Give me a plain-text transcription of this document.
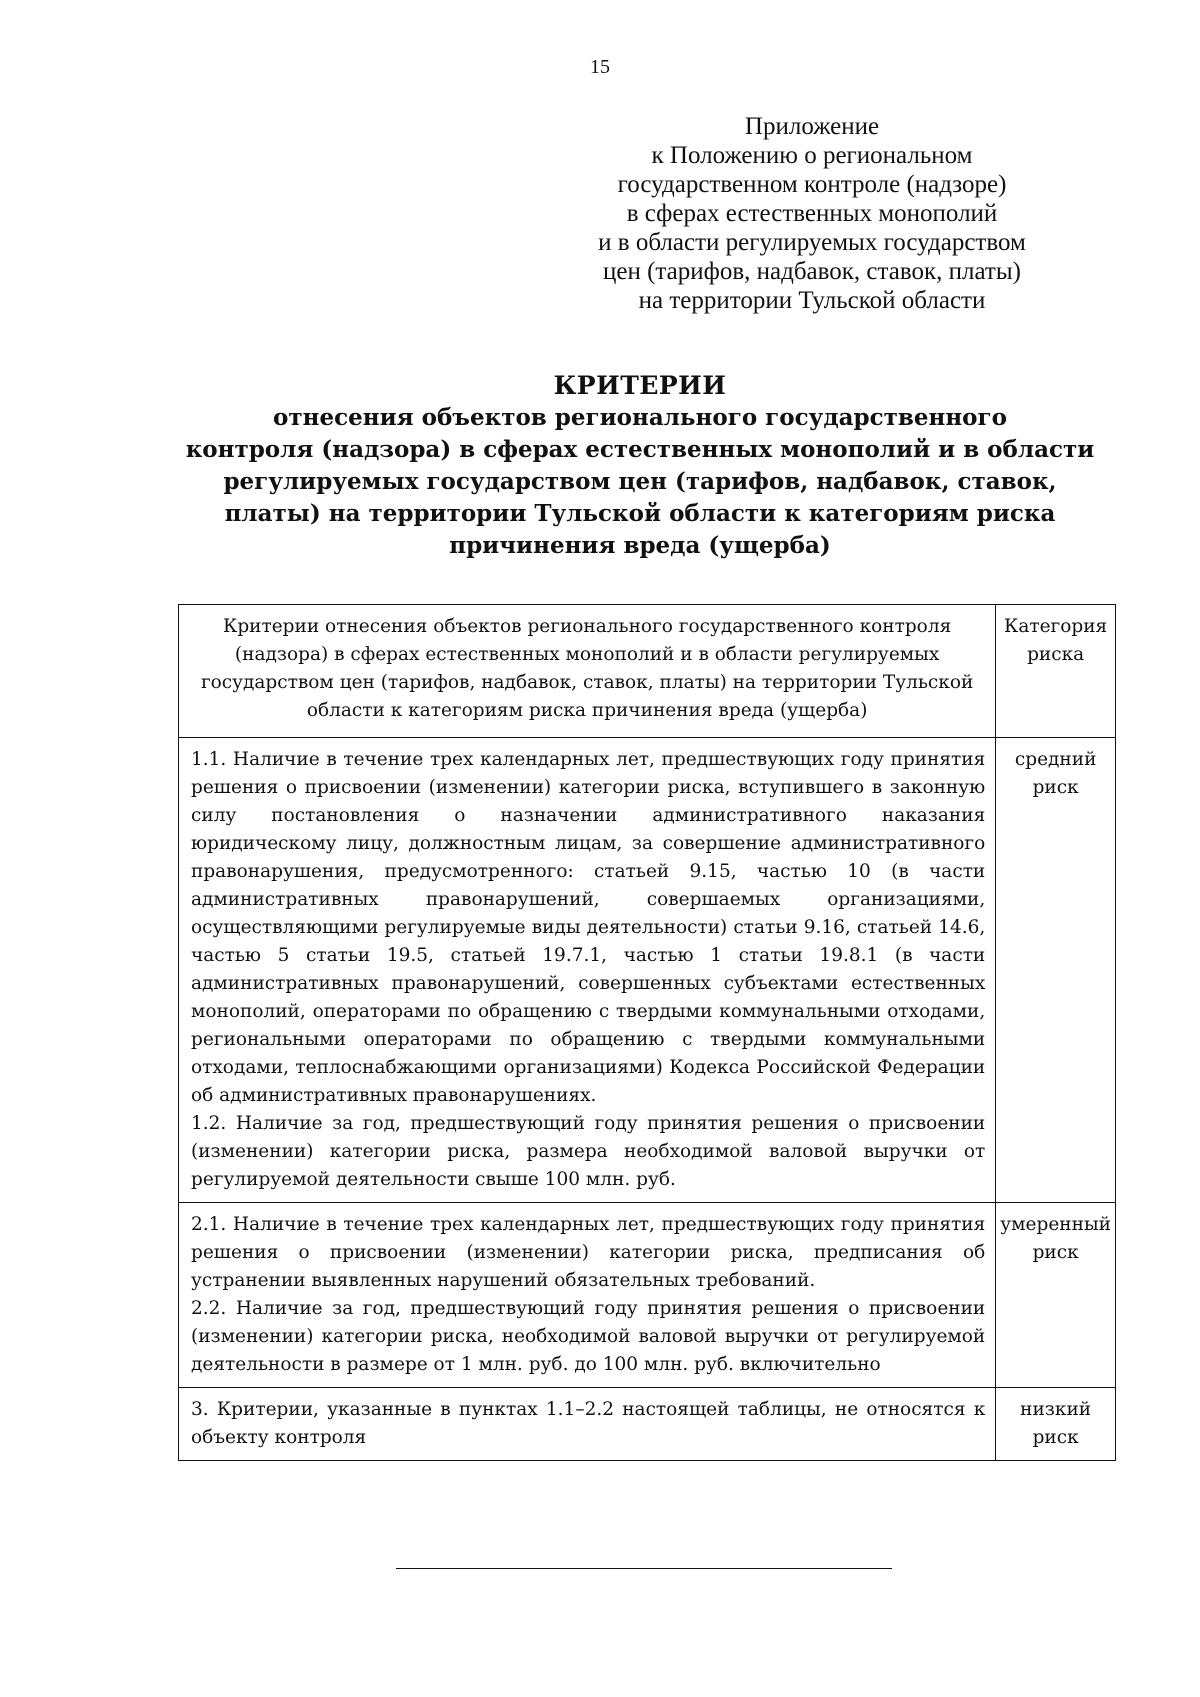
15
Приложение
к Положению о региональном
государственном контроле (надзоре)
в сферах естественных монополий
и в области регулируемых государством
цен (тарифов, надбавок, ставок, платы)
на территории Тульской области
КРИТЕРИИ
отнесения объектов регионального государственного
контроля (надзора) в сферах естественных монополий и в области
регулируемых государством цен (тарифов, надбавок, ставок,
платы) на территории Тульской области к категориям риска
причинения вреда (ущерба)
Критерии отнесения объектов регионального государственного контроля (надзора) в сферах естественных монополий и в области регулируемых государством цен (тарифов, надбавок, ставок, платы) на территории Тульской области к категориям риска причинения вреда (ущерба)	Категория риска

1.1. Наличие в течение трех календарных лет, предшествующих году принятия решения о присвоении (изменении) категории риска, вступившего в законную силу постановления о назначении административного наказания юридическому лицу, должностным лицам, за совершение административного правонарушения, предусмотренного: статьей 9.15, частью 10 (в части административных правонарушений, совершаемых организациями, осуществляющими регулируемые виды деятельности) статьи 9.16, статьей 14.6, частью 5 статьи 19.5, статьей 19.7.1, частью 1 статьи 19.8.1 (в части административных правонарушений, совершенных субъектами естественных монополий, операторами по обращению с твердыми коммунальными отходами, региональными операторами по обращению с твердыми коммунальными отходами, теплоснабжающими организациями) Кодекса Российской Федерации об административных правонарушениях.

1.2. Наличие за год, предшествующий году принятия решения о присвоении (изменении) категории риска, размера необходимой валовой выручки от регулируемой деятельности свыше 100 млн. руб.	средний риск

2.1. Наличие в течение трех календарных лет, предшествующих году принятия решения о присвоении (изменении) категории риска, предписания об устранении выявленных нарушений обязательных требований.

2.2. Наличие за год, предшествующий году принятия решения о присвоении (изменении) категории риска, необходимой валовой выручки от регулируемой деятельности в размере от 1 млн. руб. до 100 млн. руб. включительно	умеренный риск

3. Критерии, указанные в пунктах 1.1–2.2 настоящей таблицы, не относятся к объекту контроля	низкий риск
